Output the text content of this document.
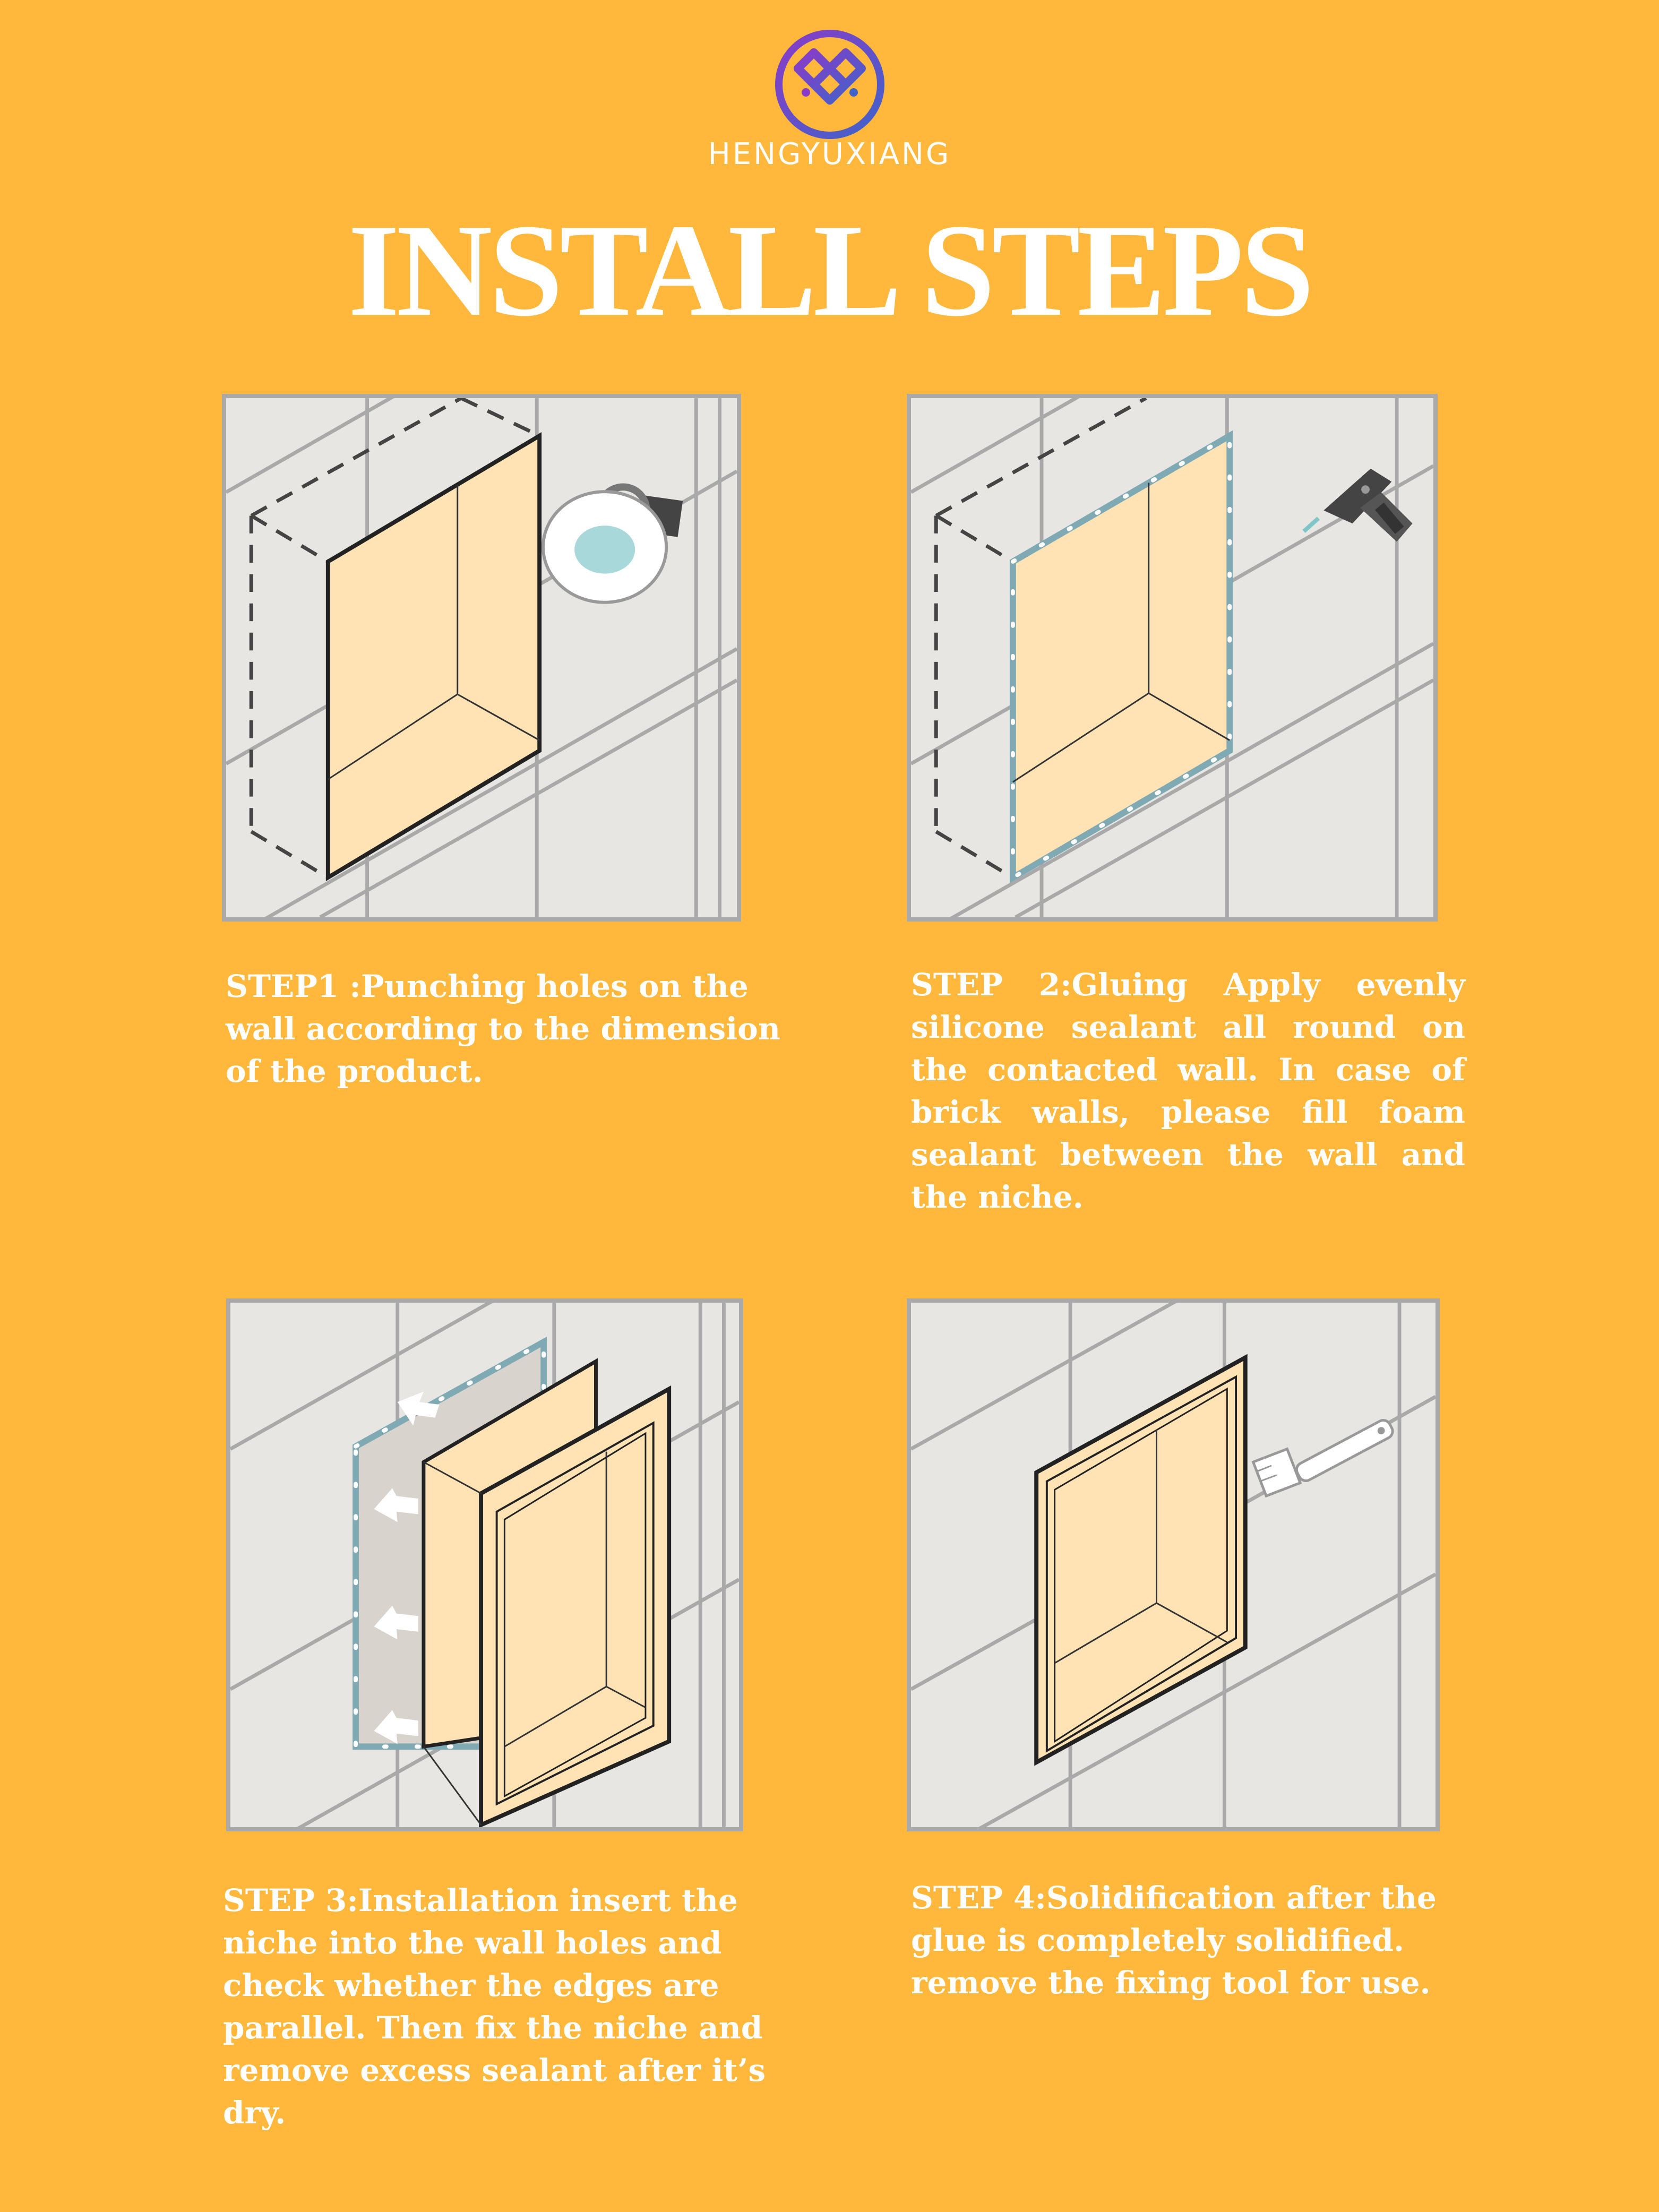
HENGYUXIANG
INSTALL STEPS

STEP1 :Punching holes on the wall according to the dimension of the product.

STEP 2:Gluing Apply evenly silicone sealant all round on the contacted wall. In case of brick walls, please fill foam sealant between the wall and the niche.

STEP 3:Installation insert the niche into the wall holes and check whether the edges are parallel. Then fix the niche and remove excess sealant after it’s dry.

STEP 4:Solidification after the glue is completely solidified. remove the fixing tool for use.
